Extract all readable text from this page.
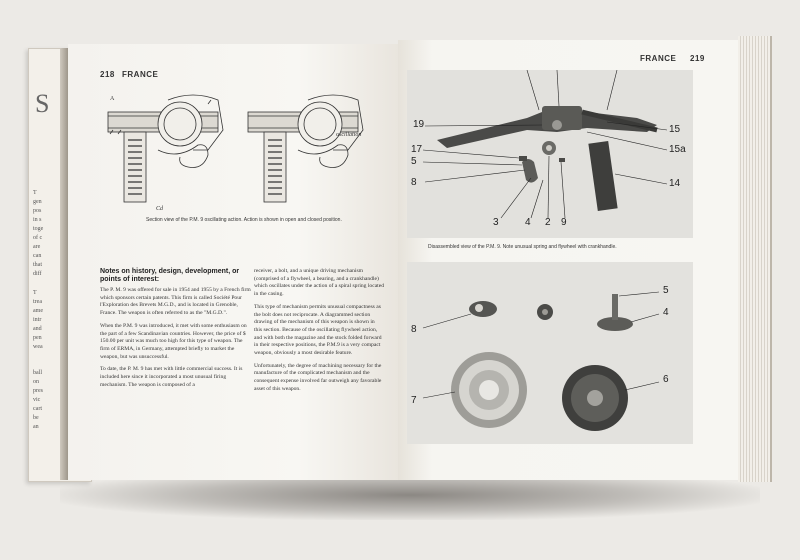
S
T
gen
pos
in s
toge
of c
are
can
that
diff
T
trea
ame
intr
and
pen
wea
ball
on
pres
vic
cart
be
an
218 FRANCE
A
Cd
oscillation
Section view of the P.M. 9 oscillating action. Action is shown in open and closed position.
Notes on history, design, development, or points of interest:

The P. M. 9 was offered for sale in 1954 and 1955 by a French firm which sponsors certain patents. This firm is called Société Pour l'Exploration des Brevets M.G.D., and is located in Grenoble, France. The weapon is often referred to as the "M.G.D.".

When the P.M. 9 was introduced, it met with some enthusiasm on the part of a few Scandinavian countries. However, the price of $ 150.00 per unit was much too high for this type of weapon. The firm of ERMA, in Germany, attempted briefly to market the weapon, but was unsuccessful.

To date, the P. M. 9 has met with little commercial success. It is included here since it incorporated a most unusual firing mechanism. The weapon is composed of a

receiver, a bolt, and a unique driving mechanism (comprised of a flywheel, a bearing, and a crankhandle) which oscillates under the action of a spiral spring located in the casing.

This type of mechanism permits unusual compactness as the bolt does not reciprocate. A diagrammed section drawing of the mechanism of this weapon is shown in this section. Because of the oscillating flywheel action, and with both the magazine and the stock folded forward in their respective positions, the P.M.9 is a very compact weapon, obviously a most desirable feature.

Unfortunately, the degree of machining necessary for the manufacture of the complicated mechanism and the consequent expense involved far outweigh any favorable asset of this weapon.

FRANCE 219
19
17
5
8
3	4 2 9
15
15a
14
Disassembled view of the P.M. 9. Note unusual spring and flywheel with crankhandle.
5
4
8
7
6
